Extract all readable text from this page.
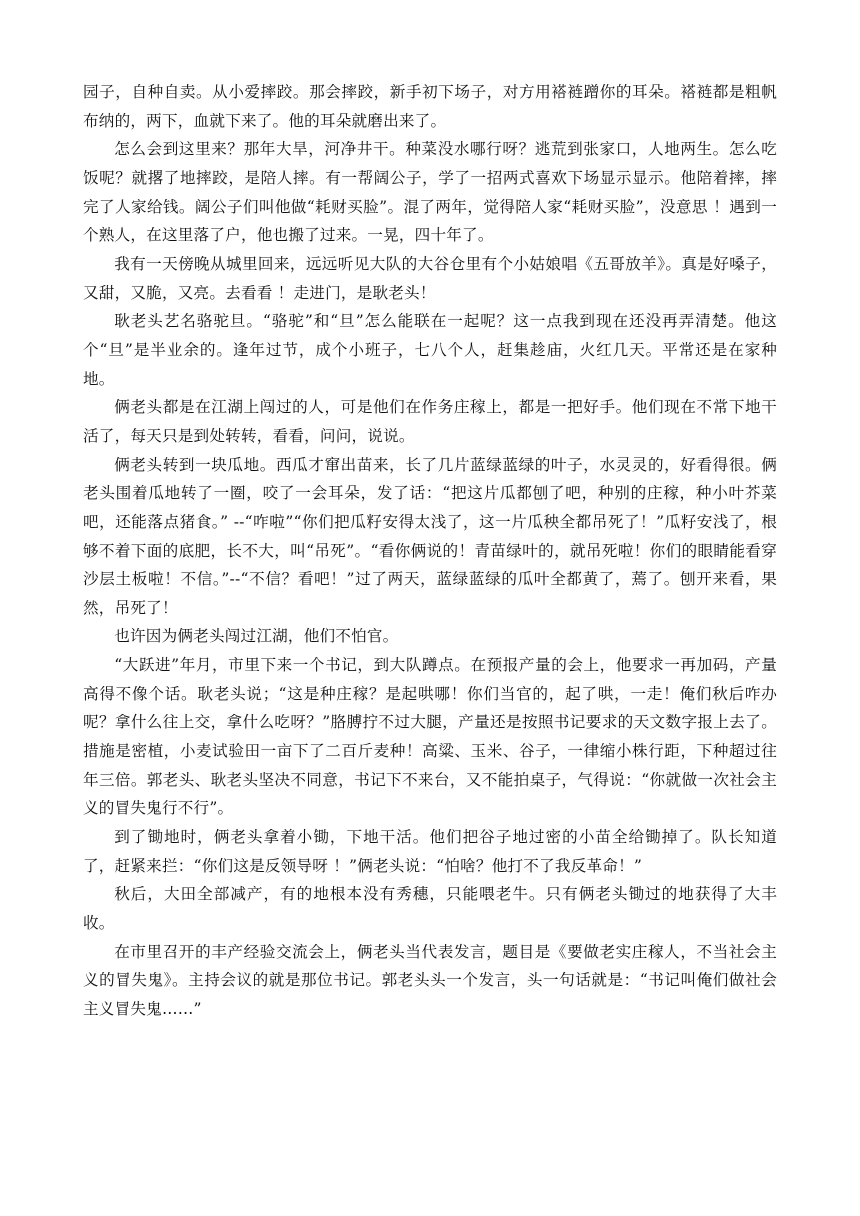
园子，自种自卖。从小爱摔跤。那会摔跤，新手初下场子，对方用褡裢蹭你的耳朵。褡裢都是粗帆布纳的，两下，血就下来了。他的耳朵就磨出来了。

怎么会到这里来？那年大旱，河净井干。种菜没水哪行呀？逃荒到张家口，人地两生。怎么吃饭呢？就撂了地摔跤，是陪人摔。有一帮阔公子，学了一招两式喜欢下场显示显示。他陪着摔，摔完了人家给钱。阔公子们叫他做“耗财买脸”。混了两年，觉得陪人家“耗财买脸”，没意思 ！遇到一个熟人，在这里落了户，他也搬了过来。一晃，四十年了。

我有一天傍晚从城里回来，远远听见大队的大谷仓里有个小姑娘唱《五哥放羊》。真是好嗓子，又甜，又脆，又亮。去看看 ！走进门，是耿老头！

耿老头艺名骆驼旦。“骆驼”和“旦”怎么能联在一起呢？这一点我到现在还没再弄清楚。他这个“旦”是半业余的。逢年过节，成个小班子，七八个人，赶集趁庙，火红几天。平常还是在家种地。

俩老头都是在江湖上闯过的人，可是他们在作务庄稼上，都是一把好手。他们现在不常下地干活了，每天只是到处转转，看看，问问，说说。

俩老头转到一块瓜地。西瓜才窜出苗来，长了几片蓝绿蓝绿的叶子，水灵灵的，好看得很。俩老头围着瓜地转了一圈，咬了一会耳朵，发了话：“把这片瓜都刨了吧，种别的庄稼，种小叶芥菜吧，还能落点猪食。” --“咋啦”“你们把瓜籽安得太浅了，这一片瓜秧全都吊死了！”瓜籽安浅了，根够不着下面的底肥，长不大，叫“吊死”。“看你俩说的！青苗绿叶的，就吊死啦！你们的眼睛能看穿沙层土板啦！不信。”--“不信？看吧！”过了两天，蓝绿蓝绿的瓜叶全都黄了，蔫了。刨开来看，果然，吊死了！

也许因为俩老头闯过江湖，他们不怕官。

“大跃进”年月，市里下来一个书记，到大队蹲点。在预报产量的会上，他要求一再加码，产量高得不像个话。耿老头说；“这是种庄稼？是起哄哪！你们当官的，起了哄，一走！俺们秋后咋办呢？拿什么往上交，拿什么吃呀？”胳膊拧不过大腿，产量还是按照书记要求的天文数字报上去了。措施是密植，小麦试验田一亩下了二百斤麦种！高粱、玉米、谷子，一律缩小株行距，下种超过往年三倍。郭老头、耿老头坚决不同意，书记下不来台，又不能拍桌子，气得说：“你就做一次社会主义的冒失鬼行不行”。

到了锄地时，俩老头拿着小锄，下地干活。他们把谷子地过密的小苗全给锄掉了。队长知道了，赶紧来拦：“你们这是反领导呀 ！”俩老头说：“怕啥？他打不了我反革命！”

秋后，大田全部减产，有的地根本没有秀穗，只能喂老牛。只有俩老头锄过的地获得了大丰收。

在市里召开的丰产经验交流会上，俩老头当代表发言，题目是《要做老实庄稼人，不当社会主义的冒失鬼》。主持会议的就是那位书记。郭老头头一个发言，头一句话就是：“书记叫俺们做社会主义冒失鬼……”
